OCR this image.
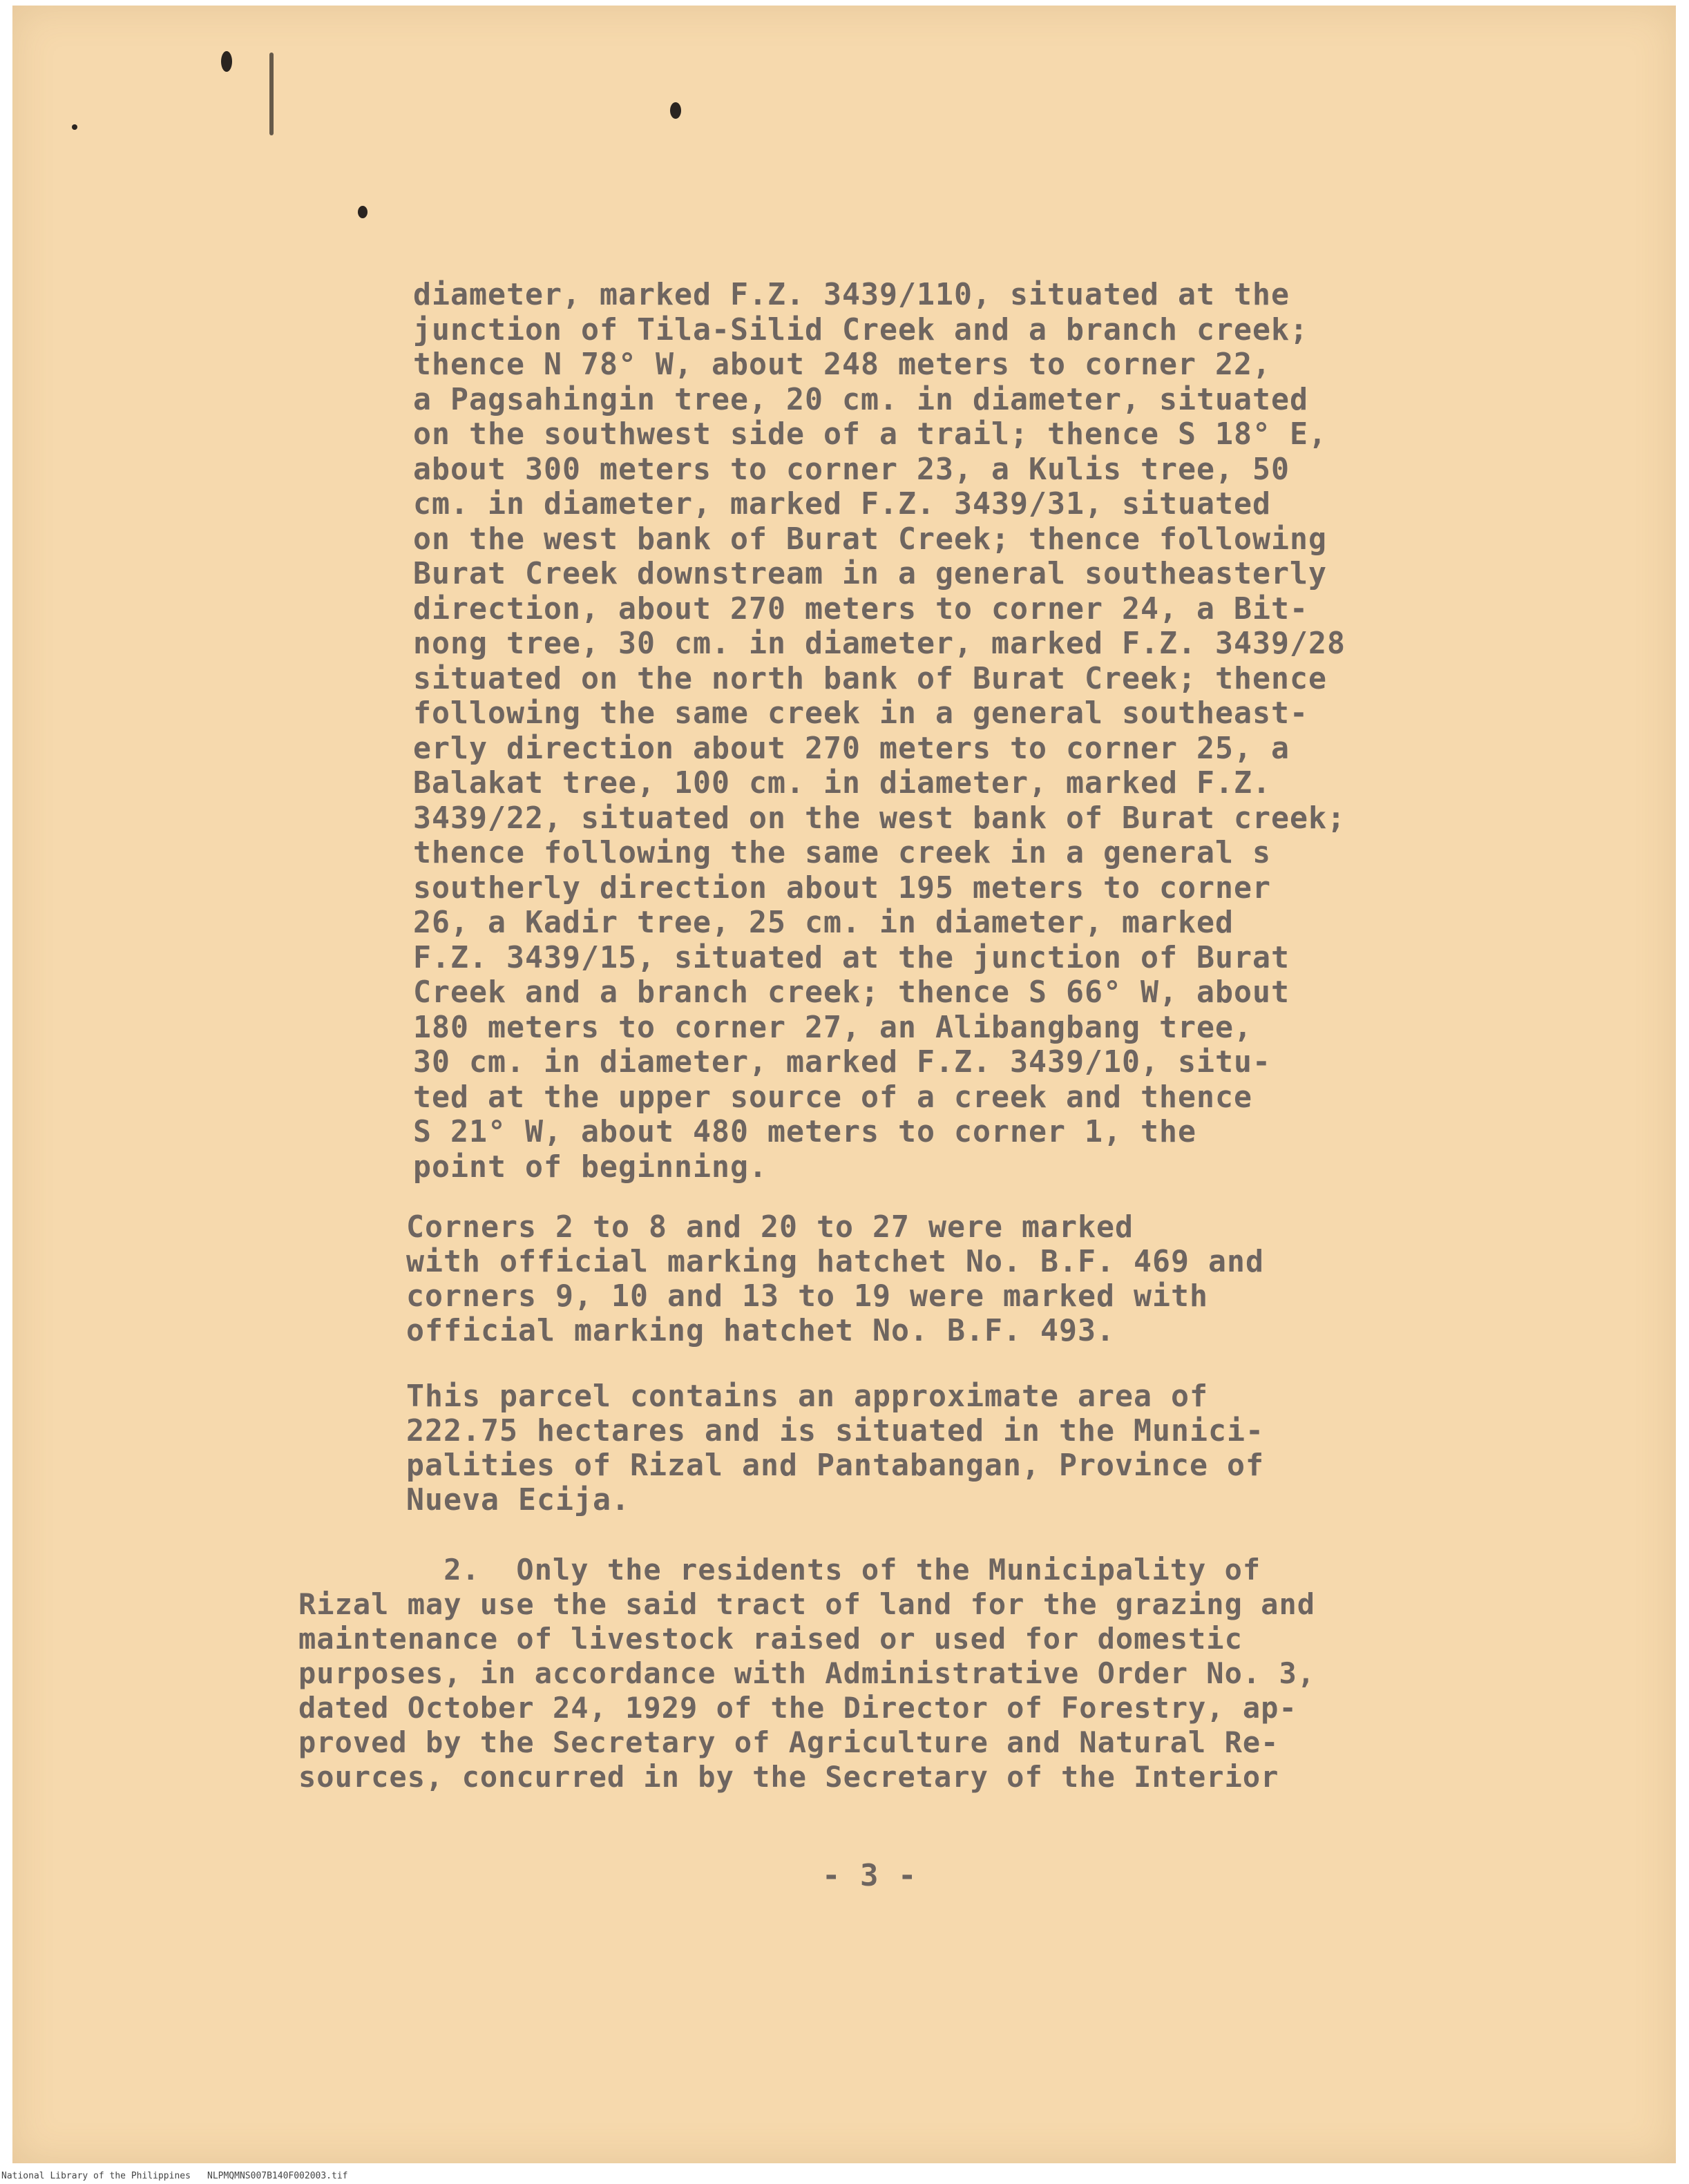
diameter, marked F.Z. 3439/110, situated at the
junction of Tila-Silid Creek and a branch creek;
thence N 78° W, about 248 meters to corner 22,
a Pagsahingin tree, 20 cm. in diameter, situated
on the southwest side of a trail; thence S 18° E,
about 300 meters to corner 23, a Kulis tree, 50
cm. in diameter, marked F.Z. 3439/31, situated
on the west bank of Burat Creek; thence following
Burat Creek downstream in a general southeasterly
direction, about 270 meters to corner 24, a Bit-
nong tree, 30 cm. in diameter, marked F.Z. 3439/28
situated on the north bank of Burat Creek; thence
following the same creek in a general southeast-
erly direction about 270 meters to corner 25, a
Balakat tree, 100 cm. in diameter, marked F.Z.
3439/22, situated on the west bank of Burat creek;
thence following the same creek in a general s
southerly direction about 195 meters to corner
26, a Kadir tree, 25 cm. in diameter, marked
F.Z. 3439/15, situated at the junction of Burat
Creek and a branch creek; thence S 66° W, about
180 meters to corner 27, an Alibangbang tree,
30 cm. in diameter, marked F.Z. 3439/10, situ-
ted at the upper source of a creek and thence
S 21° W, about 480 meters to corner 1, the
point of beginning.

Corners 2 to 8 and 20 to 27 were marked
with official marking hatchet No. B.F. 469 and
corners 9, 10 and 13 to 19 were marked with
official marking hatchet No. B.F. 493.

This parcel contains an approximate area of
222.75 hectares and is situated in the Munici-
palities of Rizal and Pantabangan, Province of
Nueva Ecija.

2.  Only the residents of the Municipality of
Rizal may use the said tract of land for the grazing and
maintenance of livestock raised or used for domestic
purposes, in accordance with Administrative Order No. 3,
dated October 24, 1929 of the Director of Forestry, ap-
proved by the Secretary of Agriculture and Natural Re-
sources, concurred in by the Secretary of the Interior

- 3 -

National Library of the Philippines NLPMQMNS007B140F002003.tif
